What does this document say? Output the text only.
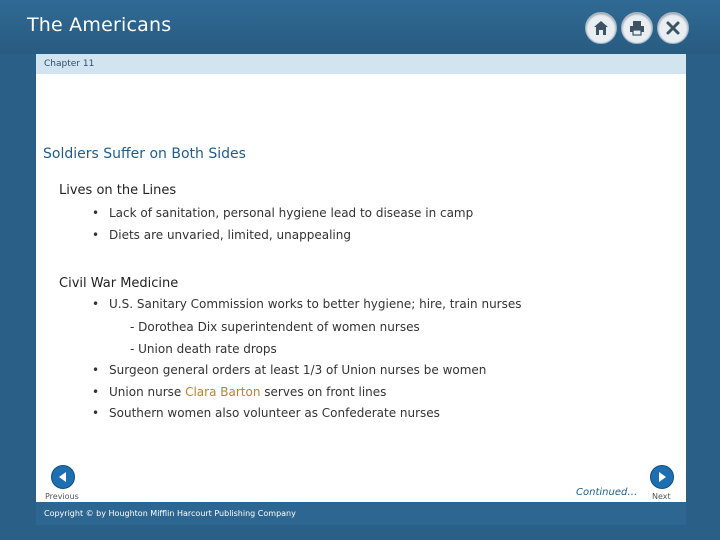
The Americans
Chapter 11
Soldiers Suffer on Both Sides
Lives on the Lines
• Lack of sanitation, personal hygiene lead to disease in camp
• Diets are unvaried, limited, unappealing
Civil War Medicine
• U.S. Sanitary Commission works to better hygiene; hire, train nurses
- Dorothea Dix superintendent of women nurses
- Union death rate drops
• Surgeon general orders at least 1/3 of Union nurses be women
• Union nurse Clara Barton serves on front lines
• Southern women also volunteer as Confederate nurses
Previous	Continued… Next
Copyright © by Houghton Mifflin Harcourt Publishing Company
